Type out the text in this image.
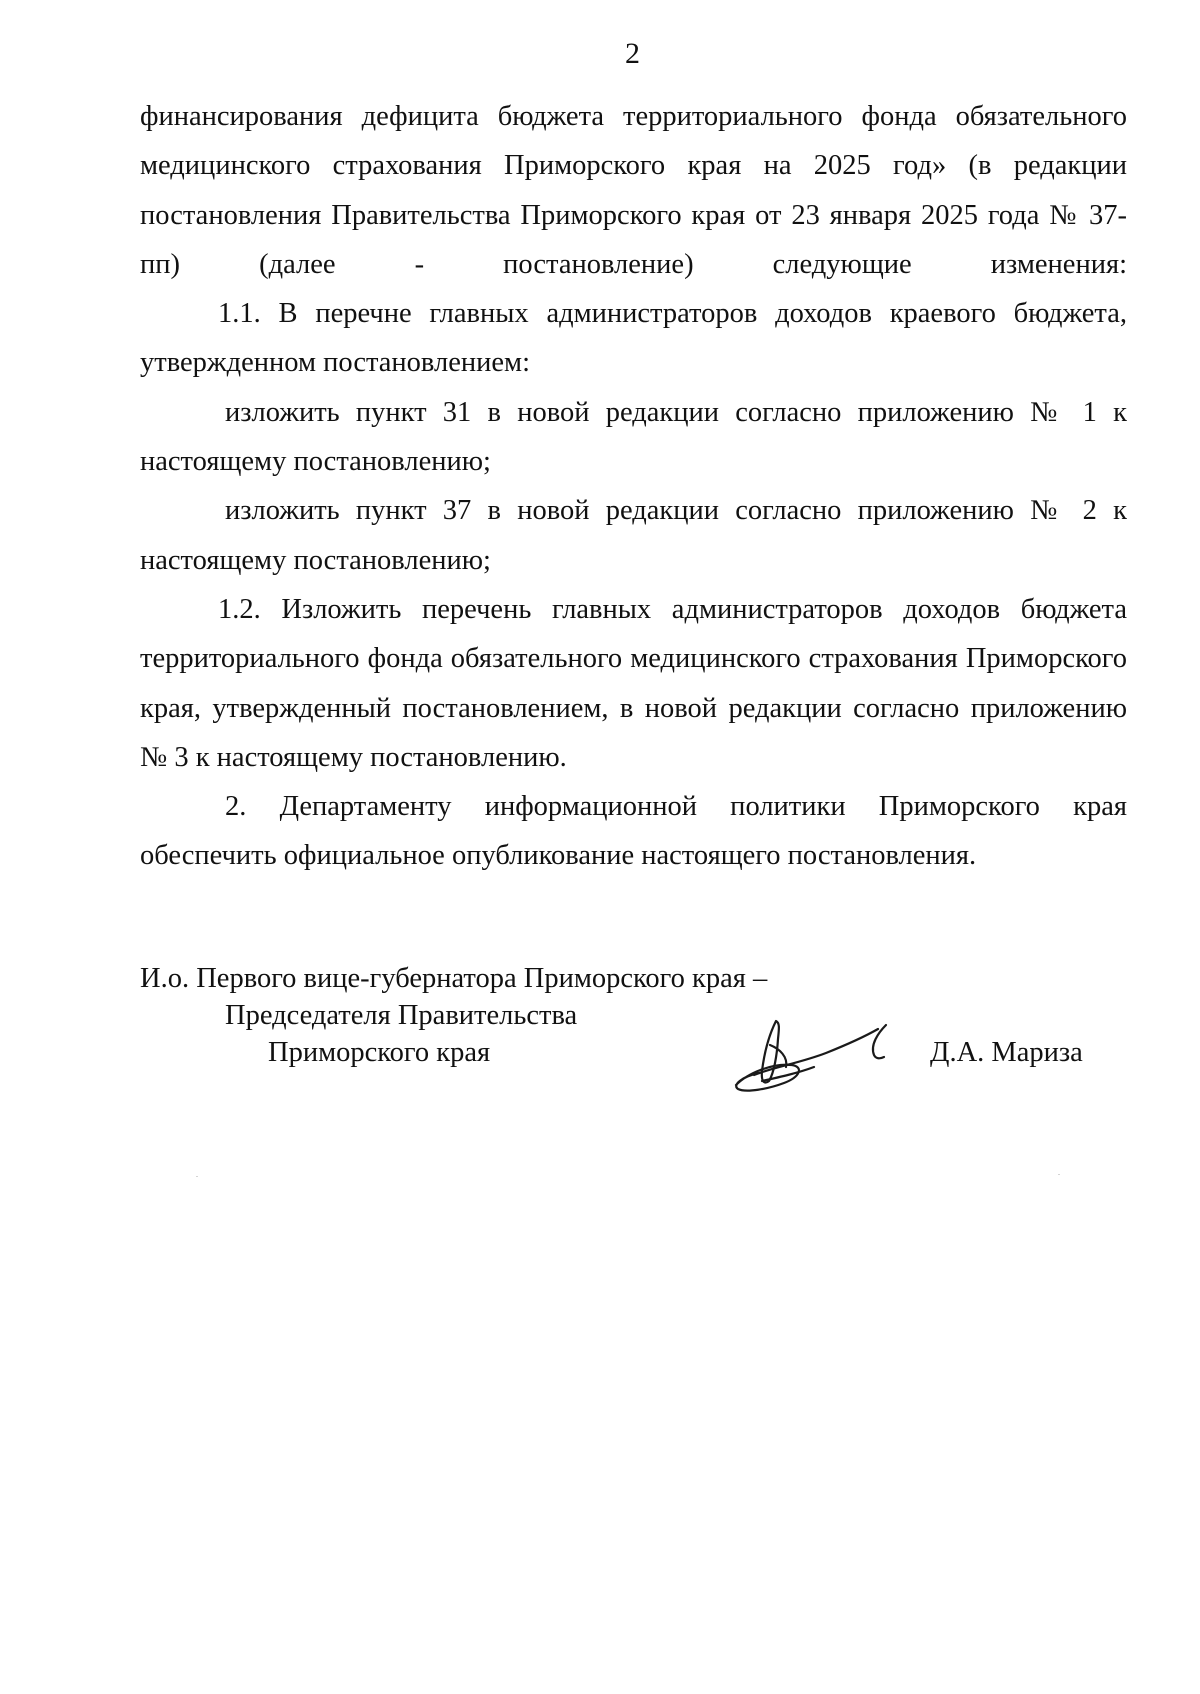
2

финансирования дефицита бюджета территориального фонда обязательного медицинского страхования Приморского края на 2025 год» (в редакции постановления Правительства Приморского края от 23 января 2025 года № 37- пп) (далее - постановление) следующие изменения:

1.1. В перечне главных администраторов доходов краевого бюджета, утвержденном постановлением:

изложить пункт 31 в новой редакции согласно приложению № 1 к настоящему постановлению;

изложить пункт 37 в новой редакции согласно приложению № 2 к настоящему постановлению;

1.2. Изложить перечень главных администраторов доходов бюджета территориального фонда обязательного медицинского страхования Приморского края, утвержденный постановлением, в новой редакции согласно приложению № 3 к настоящему постановлению.

2. Департаменту информационной политики Приморского края обеспечить официальное опубликование настоящего постановления.

И.о. Первого вице-губернатора Приморского края –
Председателя Правительства
Приморского края	Д.А. Мариза
